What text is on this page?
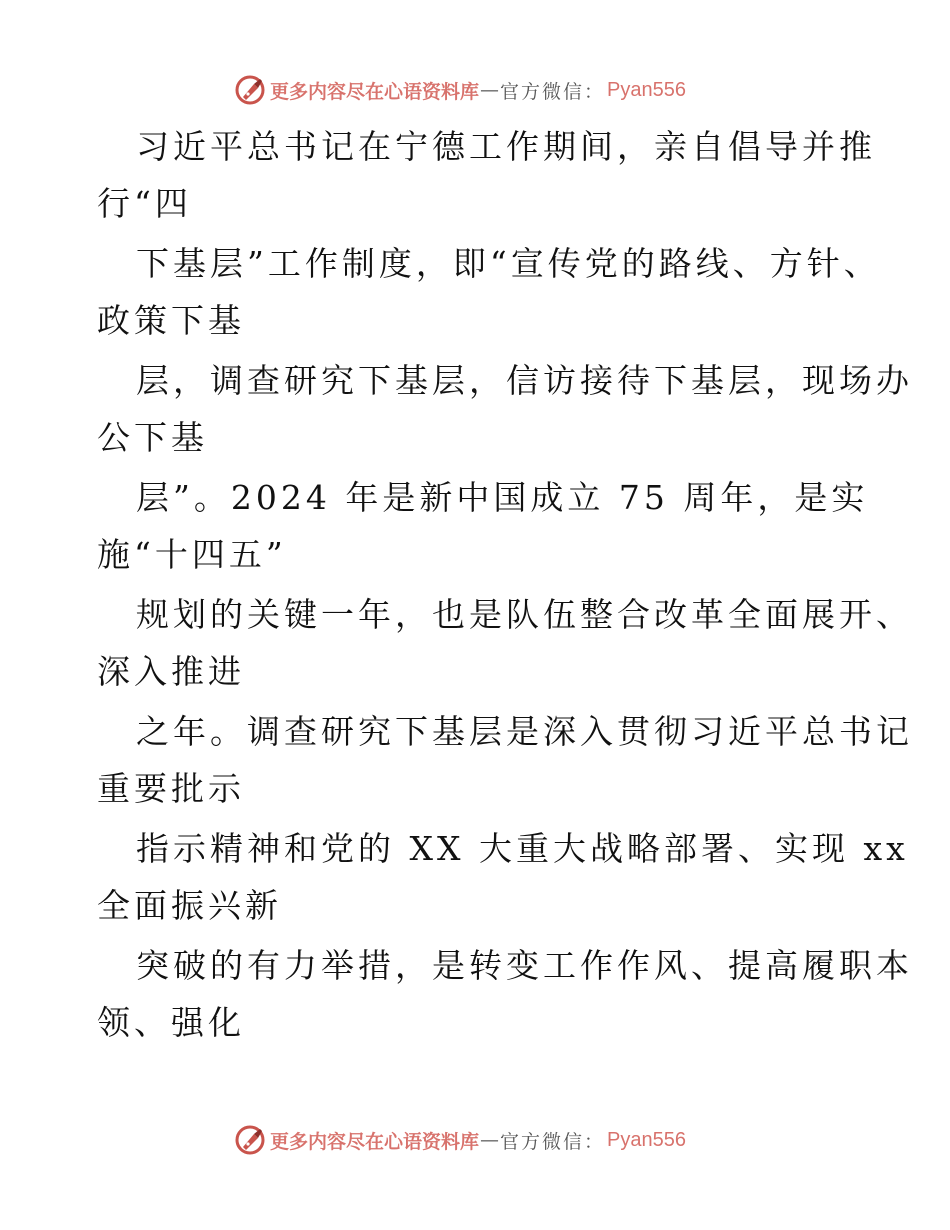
更多内容尽在心语资料库 — 官方微信： Pyan556
习近平总书记在宁德工作期间，亲自倡导并推
行“四
下基层”工作制度，即“宣传党的路线、方针、
政策下基
层，调查研究下基层，信访接待下基层，现场办
公下基
层”。2024 年是新中国成立 75 周年，是实
施“十四五”
规划的关键一年，也是队伍整合改革全面展开、
深入推进
之年。调查研究下基层是深入贯彻习近平总书记
重要批示
指示精神和党的 XX 大重大战略部署、实现 xx
全面振兴新
突破的有力举措，是转变工作作风、提高履职本
领、强化
更多内容尽在心语资料库 — 官方微信： Pyan556
